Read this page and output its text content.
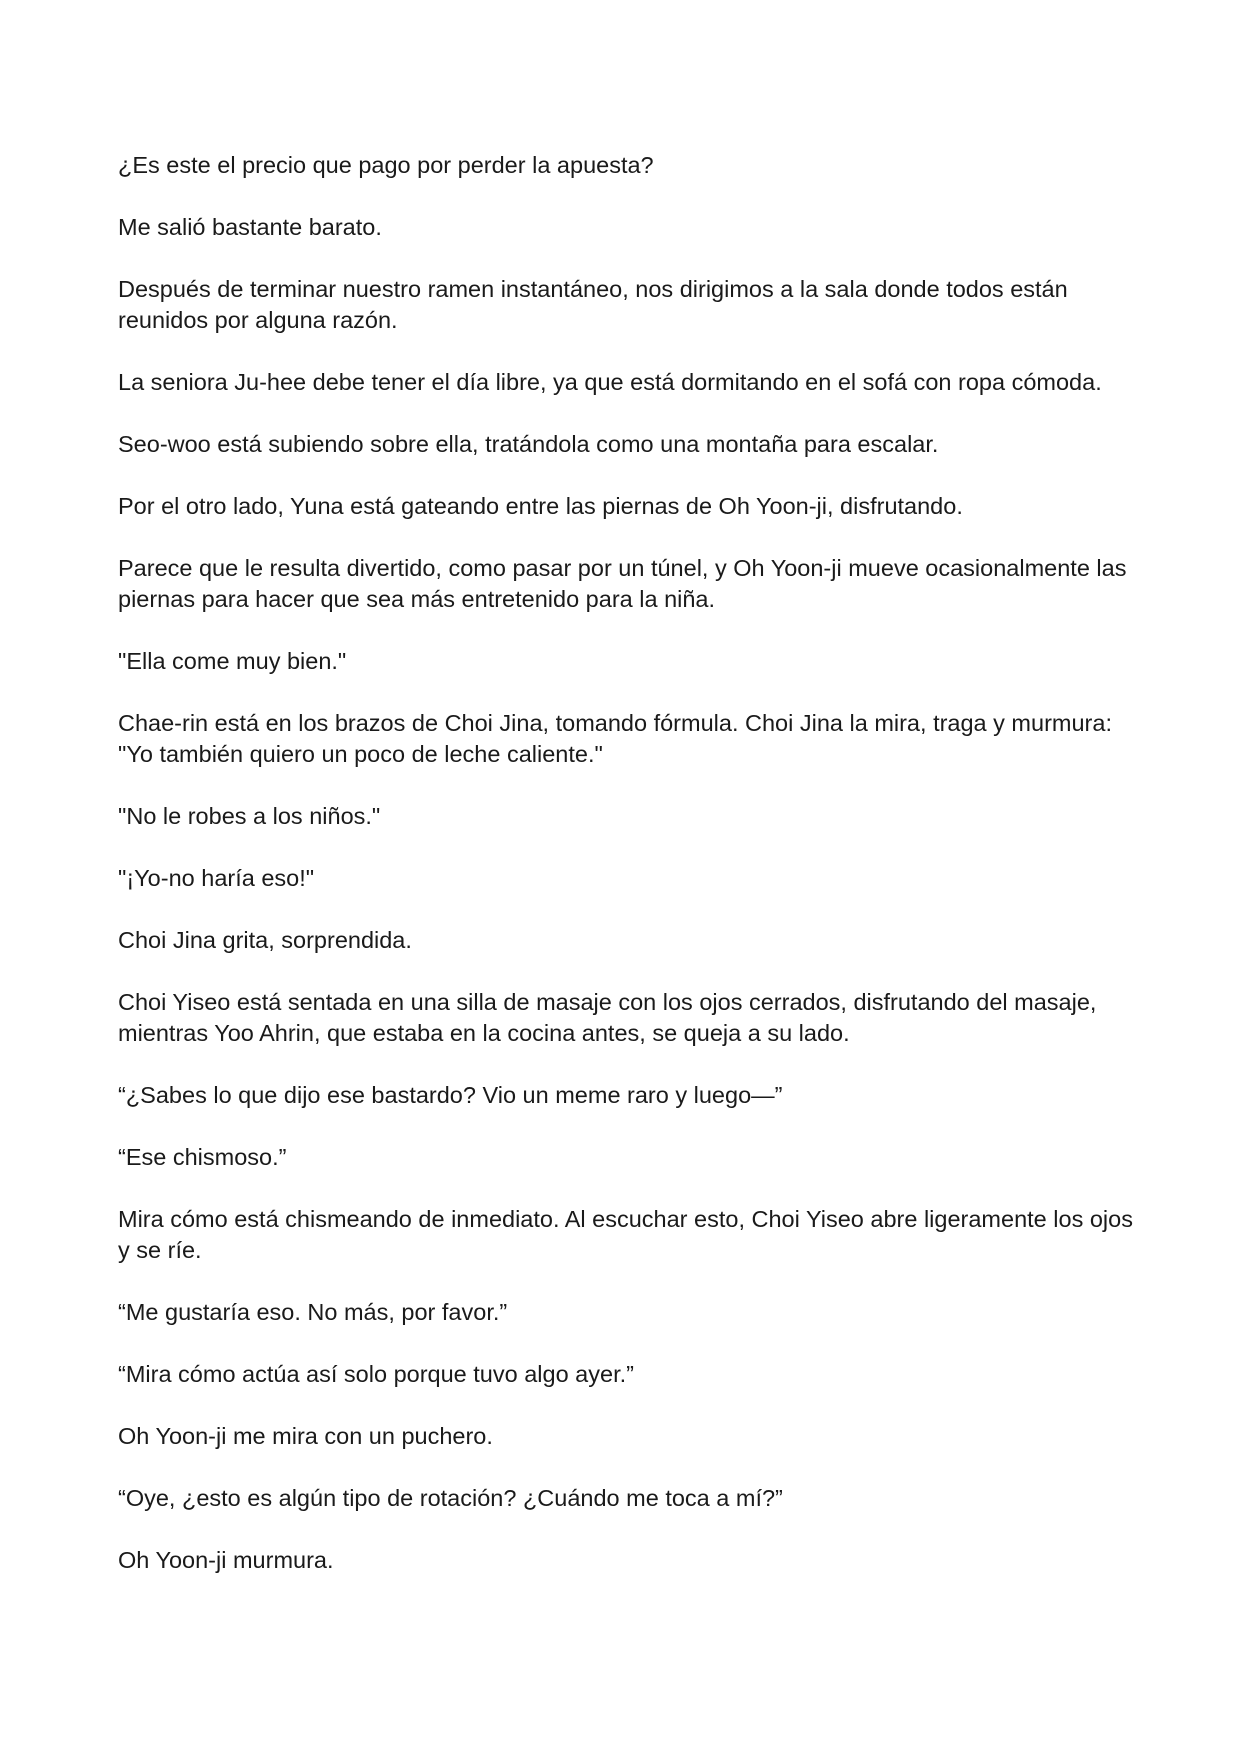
¿Es este el precio que pago por perder la apuesta?

Me salió bastante barato.

Después de terminar nuestro ramen instantáneo, nos dirigimos a la sala donde todos están reunidos por alguna razón.

La seniora Ju-hee debe tener el día libre, ya que está dormitando en el sofá con ropa cómoda.

Seo-woo está subiendo sobre ella, tratándola como una montaña para escalar.

Por el otro lado, Yuna está gateando entre las piernas de Oh Yoon-ji, disfrutando.

Parece que le resulta divertido, como pasar por un túnel, y Oh Yoon-ji mueve ocasionalmente las piernas para hacer que sea más entretenido para la niña.

"Ella come muy bien."

Chae-rin está en los brazos de Choi Jina, tomando fórmula. Choi Jina la mira, traga y murmura: "Yo también quiero un poco de leche caliente."

"No le robes a los niños."

"¡Yo-no haría eso!"

Choi Jina grita, sorprendida.

Choi Yiseo está sentada en una silla de masaje con los ojos cerrados, disfrutando del masaje, mientras Yoo Ahrin, que estaba en la cocina antes, se queja a su lado.

“¿Sabes lo que dijo ese bastardo? Vio un meme raro y luego—”

“Ese chismoso.”

Mira cómo está chismeando de inmediato. Al escuchar esto, Choi Yiseo abre ligeramente los ojos y se ríe.

“Me gustaría eso. No más, por favor.”

“Mira cómo actúa así solo porque tuvo algo ayer.”

Oh Yoon-ji me mira con un puchero.

“Oye, ¿esto es algún tipo de rotación? ¿Cuándo me toca a mí?”

Oh Yoon-ji murmura.
